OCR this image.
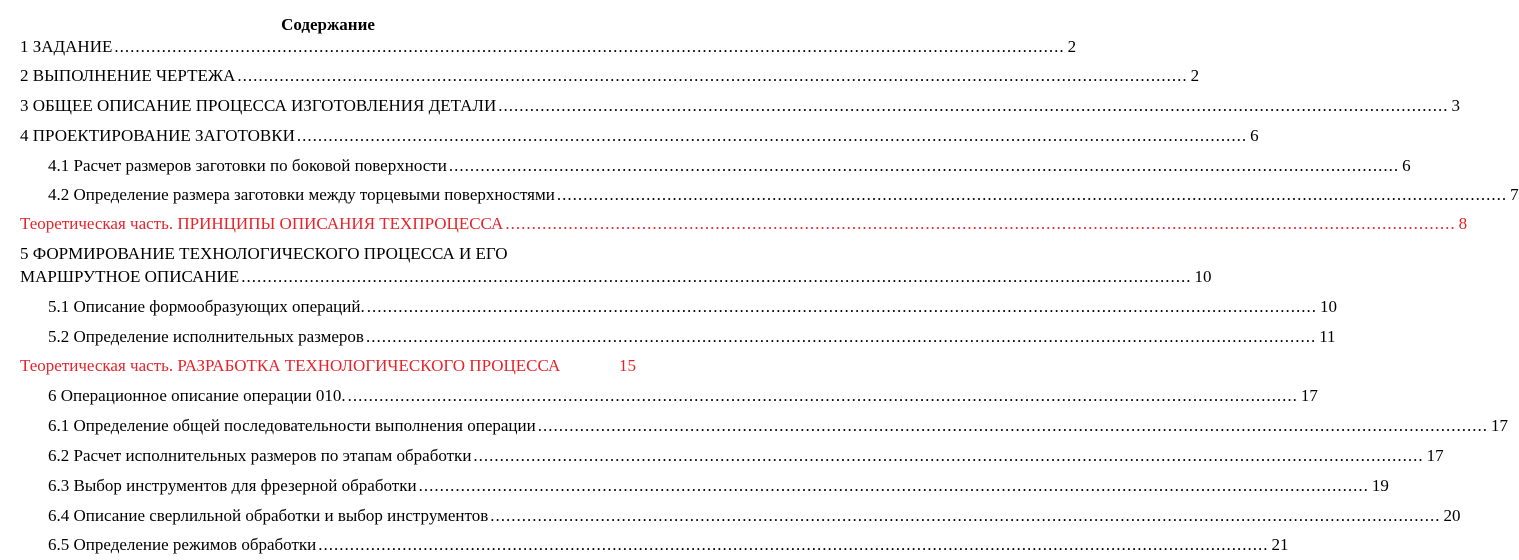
Содержание
1 ЗАДАНИЕ ..................................................................................................................................................................................... 2
2 ВЫПОЛНЕНИЕ ЧЕРТЕЖА ..................................................................................................................................................................................... 2
3 ОБЩЕЕ ОПИСАНИЕ ПРОЦЕССА ИЗГОТОВЛЕНИЯ ДЕТАЛИ ..................................................................................................................................................................................... 3
4 ПРОЕКТИРОВАНИЕ ЗАГОТОВКИ ..................................................................................................................................................................................... 6
4.1 Расчет размеров заготовки по боковой поверхности ..................................................................................................................................................................................... 6
4.2 Определение размера заготовки между торцевыми поверхностями ..................................................................................................................................................................................... 7
Теоретическая часть. ПРИНЦИПЫ ОПИСАНИЯ ТЕХПРОЦЕССА ..................................................................................................................................................................................... 8
5 ФОРМИРОВАНИЕ ТЕХНОЛОГИЧЕСКОГО ПРОЦЕССА И ЕГО
МАРШРУТНОЕ ОПИСАНИЕ ..................................................................................................................................................................................... 10
5.1 Описание формообразующих операций. ..................................................................................................................................................................................... 10
5.2 Определение исполнительных размеров ..................................................................................................................................................................................... 11
Теоретическая часть. РАЗРАБОТКА ТЕХНОЛОГИЧЕСКОГО ПРОЦЕССА	15
6 Операционное описание операции 010. ..................................................................................................................................................................................... 17
6.1 Определение общей последовательности выполнения операции ..................................................................................................................................................................................... 17
6.2 Расчет исполнительных размеров по этапам обработки ..................................................................................................................................................................................... 17
6.3 Выбор инструментов для фрезерной обработки ..................................................................................................................................................................................... 19
6.4 Описание сверлильной обработки и выбор инструментов ..................................................................................................................................................................................... 20
6.5 Определение режимов обработки ..................................................................................................................................................................................... 21
